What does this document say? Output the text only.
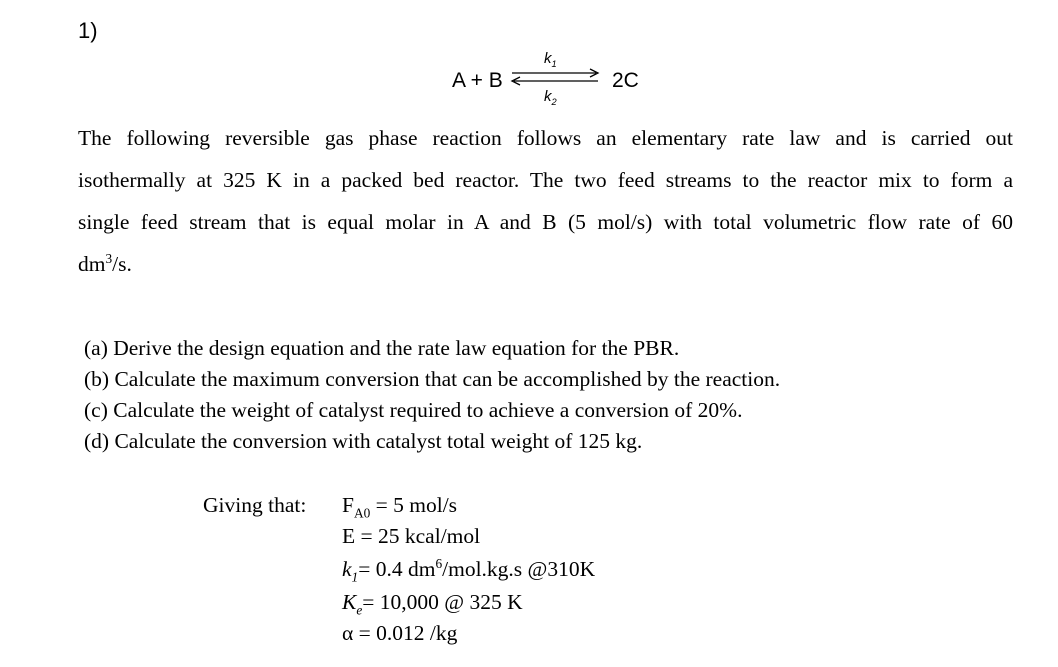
1)
A + B
$k_1$
$k_2$
2C
The following reversible gas phase reaction follows an elementary rate law and is carried out
isothermally at 325 K in a packed bed reactor. The two feed streams to the reactor mix to form a
single feed stream that is equal molar in A and B (5 mol/s) with total volumetric flow rate of 60
$dm^3/s$.
(a) Derive the design equation and the rate law equation for the PBR.
(b) Calculate the maximum conversion that can be accomplished by the reaction.
(c) Calculate the weight of catalyst required to achieve a conversion of 20%.
(d) Calculate the conversion with catalyst total weight of 125 kg.
Giving that: $F_{A0} = 5$ mol/s
E = 25 kcal/mol
$k_1= 0.4$ $dm^6/mol.kg.s$ @310K
$K_e= 10,000$ @ 325 K
α = 0.012 /kg
